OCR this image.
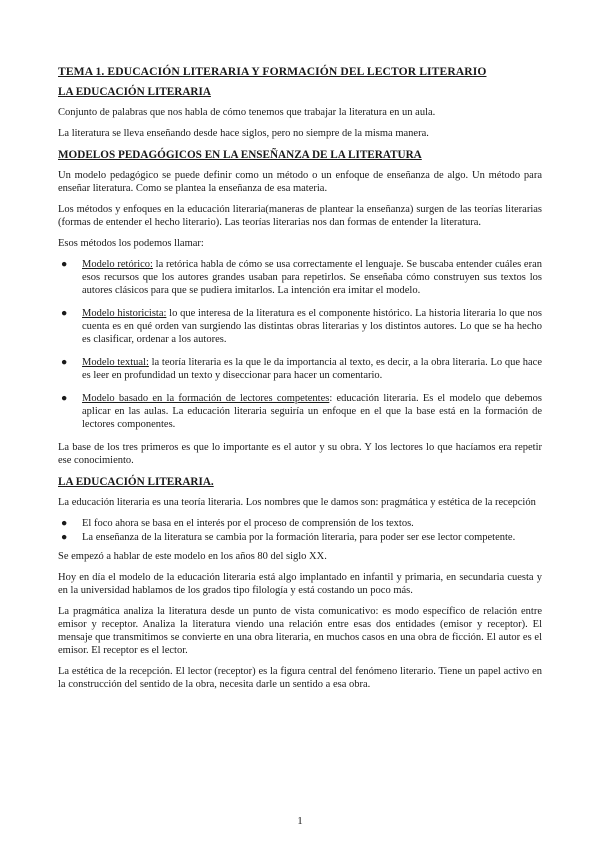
TEMA 1. EDUCACIÓN LITERARIA Y FORMACIÓN DEL LECTOR LITERARIO
LA EDUCACIÓN LITERARIA

Conjunto de palabras que nos habla de cómo tenemos que trabajar la literatura en un aula.

La literatura se lleva enseñando desde hace siglos, pero no siempre de la misma manera.

MODELOS PEDAGÓGICOS EN LA ENSEÑANZA DE LA LITERATURA

Un modelo pedagógico se puede definir como un método o un enfoque de enseñanza de algo. Un método para enseñar literatura. Como se plantea la enseñanza de esa materia.

Los métodos y enfoques en la educación literaria(maneras de plantear la enseñanza) surgen de las teorías literarias (formas de entender el hecho literario). Las teorías literarias nos dan formas de entender la literatura.

Esos métodos los podemos llamar:

● Modelo retórico: la retórica habla de cómo se usa correctamente el lenguaje. Se buscaba entender cuáles eran esos recursos que los autores grandes usaban para repetirlos. Se enseñaba cómo construyen sus textos los autores clásicos para que se pudiera imitarlos. La intención era imitar el modelo.
● Modelo historicista: lo que interesa de la literatura es el componente histórico. La historia literaria lo que nos cuenta es en qué orden van surgiendo las distintas obras literarias y los distintos autores. Lo que se ha hecho es clasificar, ordenar a los autores.
● Modelo textual: la teoría literaria es la que le da importancia al texto, es decir, a la obra literaria. Lo que hace es leer en profundidad un texto y diseccionar para hacer un comentario.
● Modelo basado en la formación de lectores competentes: educación literaria. Es el modelo que debemos aplicar en las aulas. La educación literaria seguiría un enfoque en el que la base está en la formación de lectores componentes.

La base de los tres primeros es que lo importante es el autor y su obra. Y los lectores lo que hacíamos era repetir ese conocimiento.

LA EDUCACIÓN LITERARIA.

La educación literaria es una teoría literaria. Los nombres que le damos son: pragmática y estética de la recepción

● El foco ahora se basa en el interés por el proceso de comprensión de los textos.
● La enseñanza de la literatura se cambia por la formación literaria, para poder ser ese lector competente.

Se empezó a hablar de este modelo en los años 80 del siglo XX.

Hoy en día el modelo de la educación literaria está algo implantado en infantil y primaria, en secundaria cuesta y en la universidad hablamos de los grados tipo filología y está costando un poco más.

La pragmática analiza la literatura desde un punto de vista comunicativo: es modo específico de relación entre emisor y receptor. Analiza la literatura viendo una relación entre esas dos entidades (emisor y receptor). El mensaje que transmitimos se convierte en una obra literaria, en muchos casos en una obra de ficción. El autor es el emisor. El receptor es el lector.

La estética de la recepción. El lector (receptor) es la figura central del fenómeno literario. Tiene un papel activo en la construcción del sentido de la obra, necesita darle un sentido a esa obra.

1
